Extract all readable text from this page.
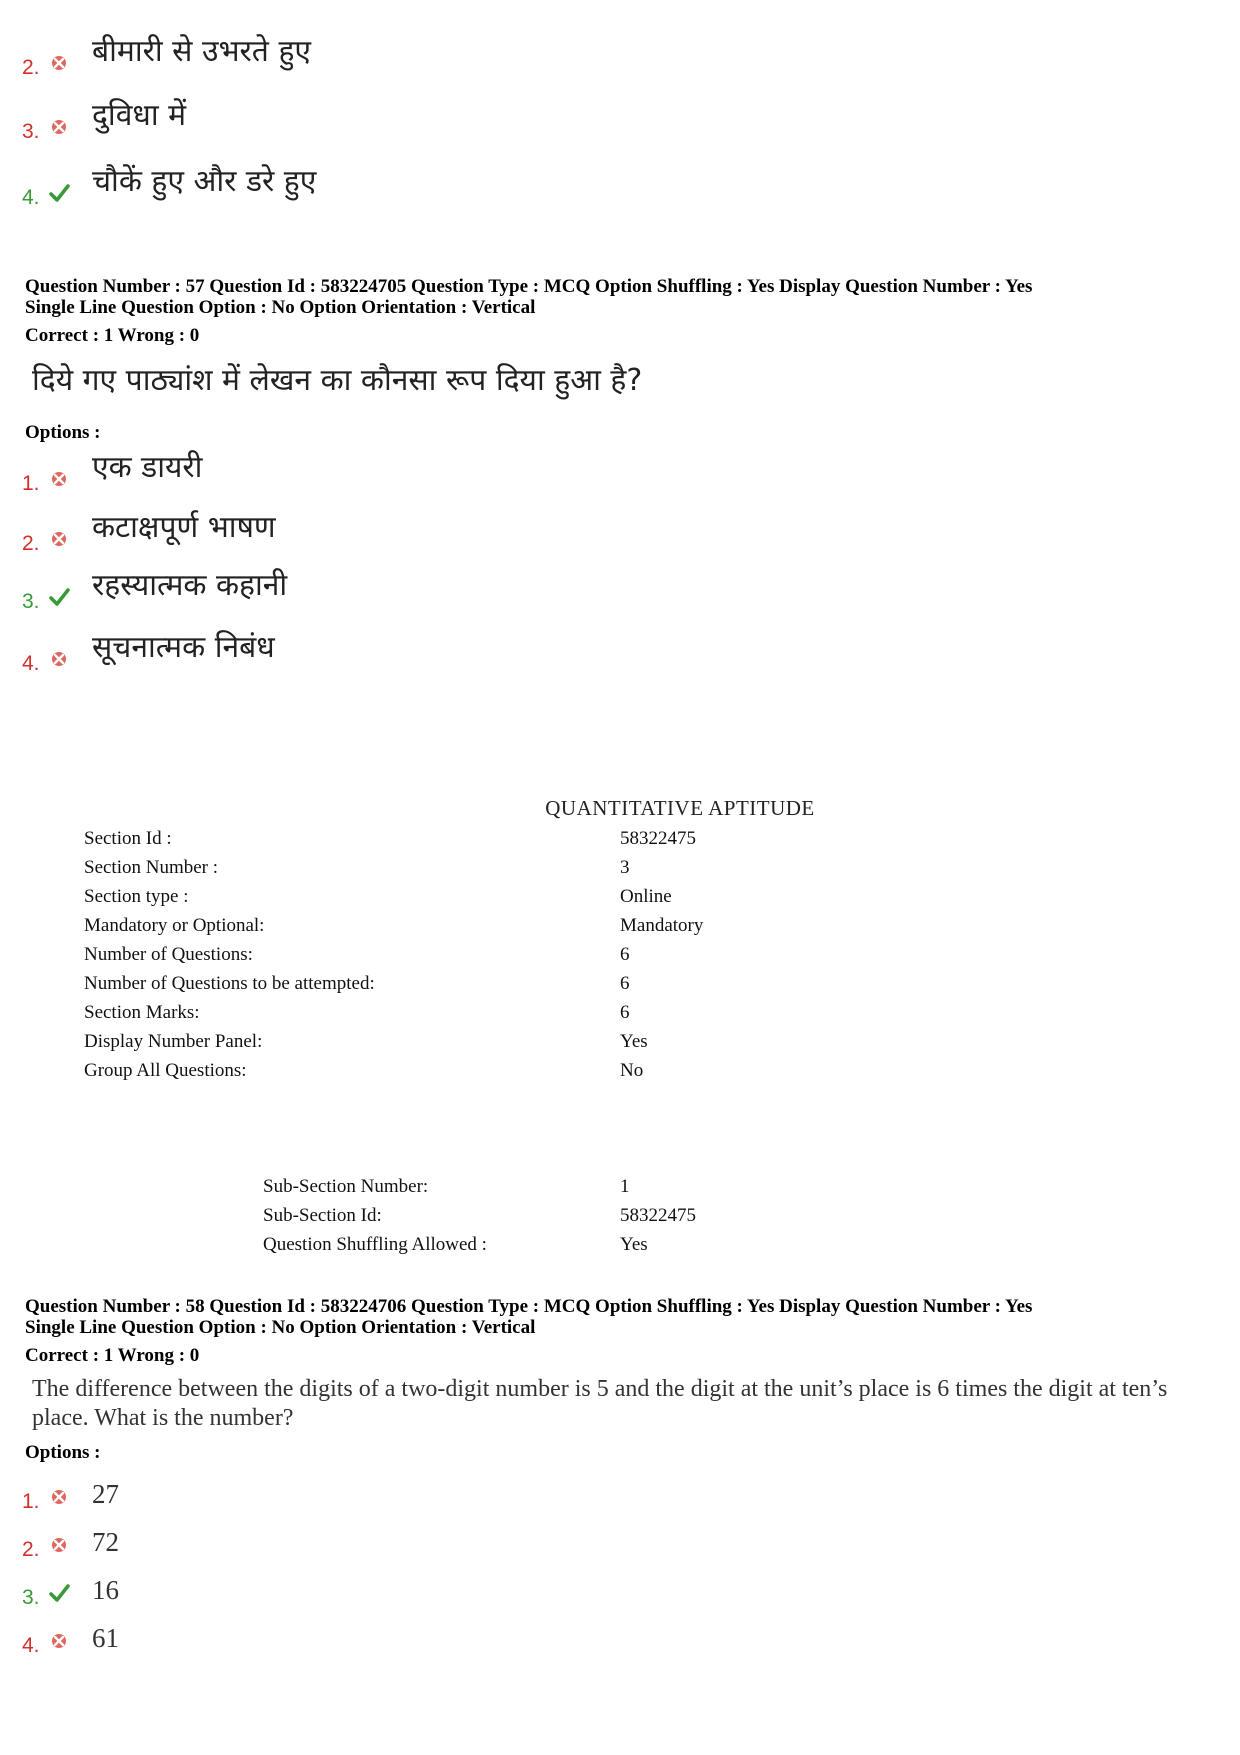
2. बीमारी से उभरते हुए
3. दुविधा में
4. चौकें हुए और डरे हुए
Question Number : 57 Question Id : 583224705 Question Type : MCQ Option Shuffling : Yes Display Question Number : Yes
Single Line Question Option : No Option Orientation : Vertical
Correct : 1 Wrong : 0
दिये गए पाठ्यांश में लेखन का कौनसा रूप दिया हुआ है?
Options :
1. एक डायरी
2. कटाक्षपूर्ण भाषण
3. रहस्यात्मक कहानी
4. सूचनात्मक निबंध
QUANTITATIVE APTITUDE
Section Id :	58322475
Section Number :	3
Section type :	Online
Mandatory or Optional:	Mandatory
Number of Questions:	6
Number of Questions to be attempted:	6
Section Marks:	6
Display Number Panel:	Yes
Group All Questions:	No
Sub-Section Number:	1
Sub-Section Id:	58322475
Question Shuffling Allowed :	Yes
Question Number : 58 Question Id : 583224706 Question Type : MCQ Option Shuffling : Yes Display Question Number : Yes
Single Line Question Option : No Option Orientation : Vertical
Correct : 1 Wrong : 0
The difference between the digits of a two-digit number is 5 and the digit at the unit’s place is 6 times the digit at ten’s place. What is the number?
Options :
1. 27
2. 72
3. 16
4. 61
